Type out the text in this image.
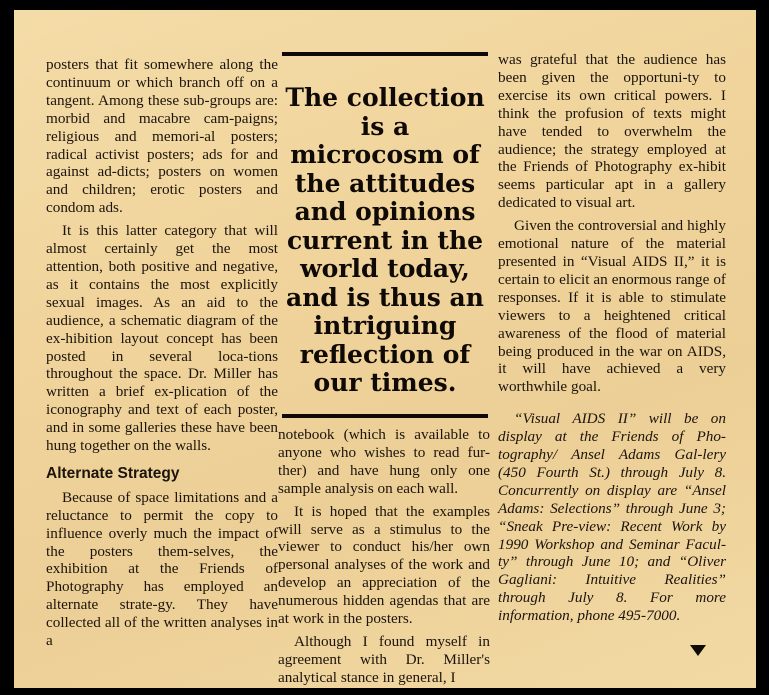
posters that fit somewhere along the continuum or which branch off on a tangent. Among these sub-groups are: morbid and macabre cam-paigns; religious and memori-al posters; radical activist posters; ads for and against ad-dicts; posters on women and children; erotic posters and condom ads.

It is this latter category that will almost certainly get the most attention, both positive and negative, as it contains the most explicitly sexual images. As an aid to the audience, a schematic diagram of the ex-hibition layout concept has been posted in several loca-tions throughout the space. Dr. Miller has written a brief ex-plication of the iconography and text of each poster, and in some galleries these have been hung together on the walls.

Alternate Strategy

Because of space limitations and a reluctance to permit the copy to influence overly much the impact of the posters them-selves, the exhibition at the Friends of Photography has employed an alternate strate-gy. They have collected all of the written analyses in a

The collection is a microcosm of the attitudes and opinions current in the world today, and is thus an intriguing reflection of our times.

notebook (which is available to anyone who wishes to read fur-ther) and have hung only one sample analysis on each wall.

It is hoped that the examples will serve as a stimulus to the viewer to conduct his/her own personal analyses of the work and develop an appreciation of the numerous hidden agendas that are at work in the posters.

Although I found myself in agreement with Dr. Miller's analytical stance in general, I

was grateful that the audience has been given the opportuni-ty to exercise its own critical powers. I think the profusion of texts might have tended to overwhelm the audience; the strategy employed at the Friends of Photography ex-hibit seems particular apt in a gallery dedicated to visual art.

Given the controversial and highly emotional nature of the material presented in “Visual AIDS II,” it is certain to elicit an enormous range of responses. If it is able to stimulate viewers to a heightened critical awareness of the flood of material being produced in the war on AIDS, it will have achieved a very worthwhile goal.

“Visual AIDS II” will be on display at the Friends of Pho-tography/ Ansel Adams Gal-lery (450 Fourth St.) through July 8. Concurrently on display are “Ansel Adams: Selections” through June 3; “Sneak Pre-view: Recent Work by 1990 Workshop and Seminar Facul-ty” through June 10; and “Oliver Gagliani: Intuitive Realities” through July 8. For more information, phone 495-7000.
